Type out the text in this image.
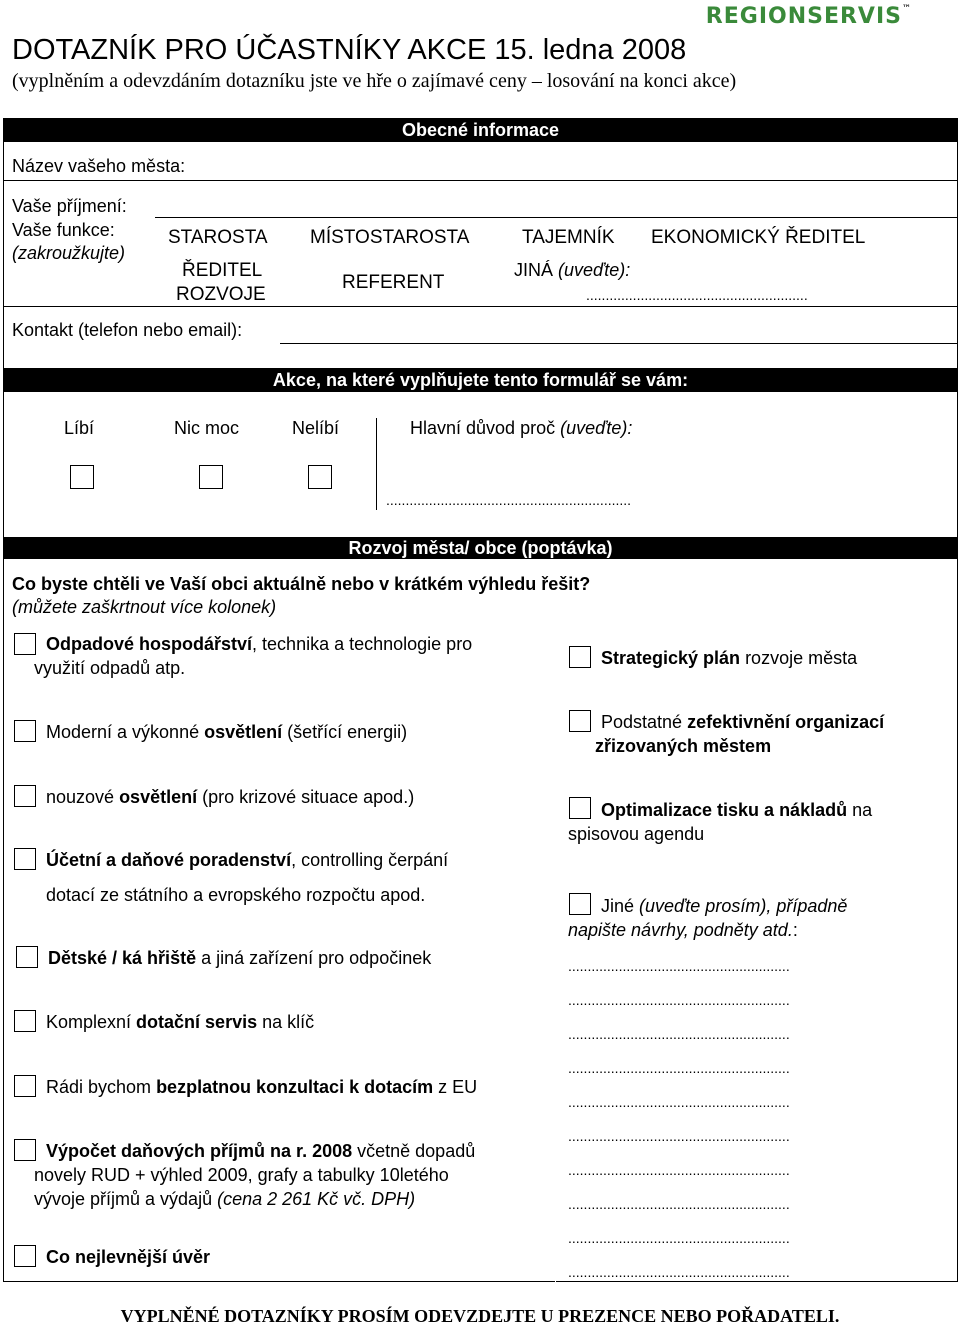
REGIONSERVIS™
DOTAZNÍK PRO ÚČASTNÍKY AKCE 15. ledna 2008
(vyplněním a odevzdáním dotazníku jste ve hře o zajímavé ceny – losování na konci akce)
Obecné informace
Název vašeho města:
Vaše příjmení:
Vaše funkce:
(zakroužkujte)
STAROSTA MÍSTOSTAROSTA	TAJEMNÍK EKONOMICKÝ ŘEDITEL
ŘEDITEL
ROZVOJE
REFERENT
JINÁ (uveďte):
.........................................................
Kontakt (telefon nebo email):
Akce, na které vyplňujete tento formulář se vám:
Líbí	Nic moc	Nelíbí	Hlavní důvod proč (uveďte):
...............................................................
Rozvoj města/ obce (poptávka)
Co byste chtěli ve Vaší obci aktuálně nebo v krátkém výhledu řešit?
(můžete zaškrtnout více kolonek)
Odpadové hospodářství, technika a technologie pro
využití odpadů atp.
Moderní a výkonné osvětlení (šetřící energii)
nouzové osvětlení (pro krizové situace apod.)
Účetní a daňové poradenství, controlling čerpání
dotací ze státního a evropského rozpočtu apod.
Dětské / ká hřiště a jiná zařízení pro odpočinek
Komplexní dotační servis na klíč
Rádi bychom bezplatnou konzultaci k dotacím z EU
Výpočet daňových příjmů na r. 2008 včetně dopadů
novely RUD + výhled 2009, grafy a tabulky 10letého
vývoje příjmů a výdajů (cena 2 261 Kč vč. DPH)
Co nejlevnější úvěr
Strategický plán rozvoje města
Podstatné zefektivnění organizací
zřizovaných městem
Optimalizace tisku a nákladů na
spisovou agendu
Jiné (uveďte prosím), případně
napište návrhy, podněty atd.:
.........................................................
.........................................................
.........................................................
.........................................................
.........................................................
.........................................................
.........................................................
.........................................................
.........................................................
.........................................................
VYPLNĚNÉ DOTAZNÍKY PROSÍM ODEVZDEJTE U PREZENCE NEBO POŘADATELI.
